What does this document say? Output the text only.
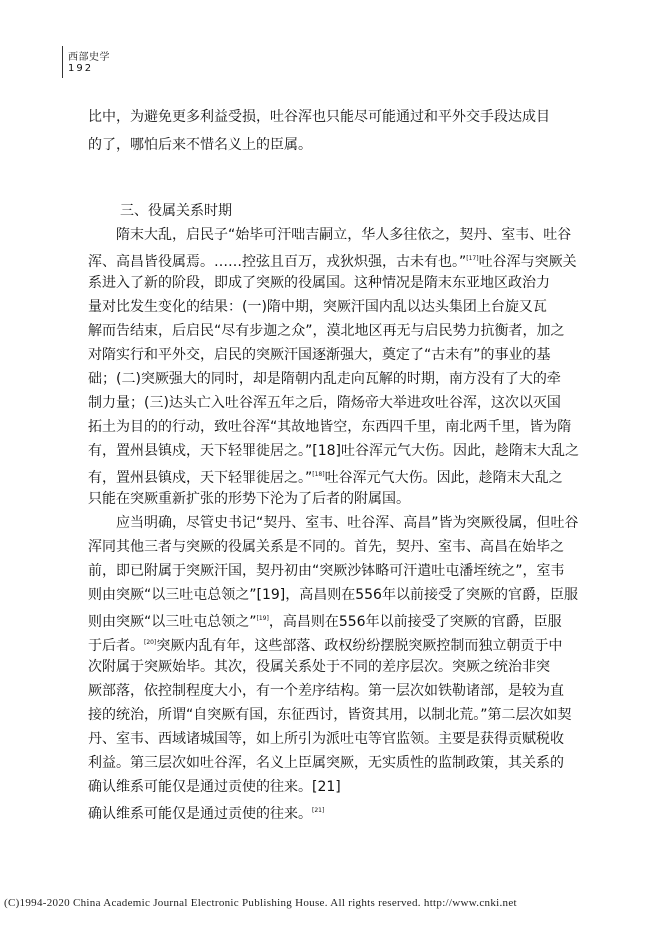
西部史学
192
比中，为避免更多利益受损，吐谷浑也只能尽可能通过和平外交手段达成目
的了，哪怕后来不惜名义上的臣属。
三、役属关系时期
　　隋末大乱，启民子“始毕可汗咄吉嗣立，华人多往依之，契丹、室韦、吐谷
浑、高昌皆役属焉。……控弦且百万，戎狄炽强，古未有也。”[17]吐谷浑与突厥关
系进入了新的阶段，即成了突厥的役属国。这种情况是隋末东亚地区政治力
量对比发生变化的结果：(一)隋中期，突厥汗国内乱以达头集团上台旋又瓦
解而告结束，后启民“尽有步迦之众”，漠北地区再无与启民势力抗衡者，加之
对隋实行和平外交，启民的突厥汗国逐渐强大，奠定了“古未有”的事业的基
础；(二)突厥强大的同时，却是隋朝内乱走向瓦解的时期，南方没有了大的牵
制力量；(三)达头亡入吐谷浑五年之后，隋炀帝大举进攻吐谷浑，这次以灭国
拓土为目的的行动，致吐谷浑“其故地皆空，东西四千里，南北两千里，皆为隋
有，置州县镇戍，天下轻罪徙居之。”[18]吐谷浑元气大伤。因此，趁隋末大乱之
有，置州县镇戍，天下轻罪徙居之。”[18]吐谷浑元气大伤。因此，趁隋末大乱之
只能在突厥重新扩张的形势下沦为了后者的附属国。
　　应当明确，尽管史书记“契丹、室韦、吐谷浑、高昌”皆为突厥役属，但吐谷
浑同其他三者与突厥的役属关系是不同的。首先，契丹、室韦、高昌在始毕之
前，即已附属于突厥汗国，契丹初由“突厥沙钵略可汗遣吐屯潘垤统之”，室韦
则由突厥“以三吐屯总领之”[19]，高昌则在556年以前接受了突厥的官爵，臣服
则由突厥“以三吐屯总领之”[19]，高昌则在556年以前接受了突厥的官爵，臣服
于后者。[20]突厥内乱有年，这些部落、政权纷纷摆脱突厥控制而独立朝贡于中
次附属于突厥始毕。其次，役属关系处于不同的差序层次。突厥之统治非突
厥部落，依控制程度大小，有一个差序结构。第一层次如铁勒诸部，是较为直
接的统治，所谓“自突厥有国，东征西讨，皆资其用，以制北荒。”第二层次如契
丹、室韦、西域诸城国等，如上所引为派吐屯等官监领。主要是获得贡赋税收
利益。第三层次如吐谷浑，名义上臣属突厥，无实质性的监制政策，其关系的
确认维系可能仅是通过贡使的往来。[21]
确认维系可能仅是通过贡使的往来。[21]
(C)1994-2020 China Academic Journal Electronic Publishing House. All rights reserved. http://www.cnki.net
